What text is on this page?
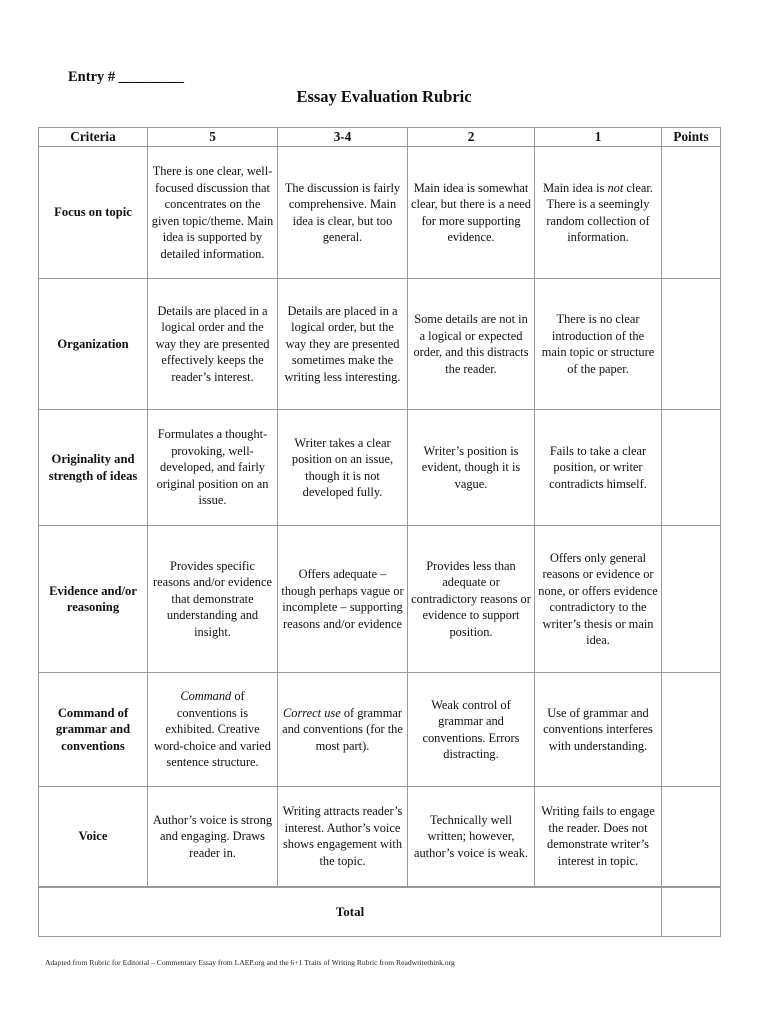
Entry # _________
Essay Evaluation Rubric
Criteria	5	3-4	2	1	Points
Focus on topic	There is one clear, well-focused discussion that concentrates on the given topic/theme. Main idea is supported by detailed information.	The discussion is fairly comprehensive. Main idea is clear, but too general.	Main idea is somewhat clear, but there is a need for more supporting evidence.	Main idea is not clear. There is a seemingly random collection of information.	
Organization	Details are placed in a logical order and the way they are presented effectively keeps the reader’s interest.	Details are placed in a logical order, but the way they are presented sometimes make the writing less interesting.	Some details are not in a logical or expected order, and this distracts the reader.	There is no clear introduction of the main topic or structure of the paper.	
Originality and strength of ideas	Formulates a thought-provoking, well-developed, and fairly original position on an issue.	Writer takes a clear position on an issue, though it is not developed fully.	Writer’s position is evident, though it is vague.	Fails to take a clear position, or writer contradicts himself.	
Evidence and/or reasoning	Provides specific reasons and/or evidence that demonstrate understanding and insight.	Offers adequate – though perhaps vague or incomplete – supporting reasons and/or evidence	Provides less than adequate or contradictory reasons or evidence to support position.	Offers only general reasons or evidence or none, or offers evidence contradictory to the writer’s thesis or main idea.	
Command of grammar and conventions	Command of conventions is exhibited. Creative word-choice and varied sentence structure.	Correct use of grammar and conventions (for the most part).	Weak control of grammar and conventions. Errors distracting.	Use of grammar and conventions interferes with understanding.	
Voice	Author’s voice is strong and engaging. Draws reader in.	Writing attracts reader’s interest. Author’s voice shows engagement with the topic.	Technically well written; however, author’s voice is weak.	Writing fails to engage the reader. Does not demonstrate writer’s interest in topic.	
Total					
Adapted from Rubric for Editorial – Commentary Essay from LAEP.org and the 6+1 Traits of Writing Rubric from Readwritethink.org
